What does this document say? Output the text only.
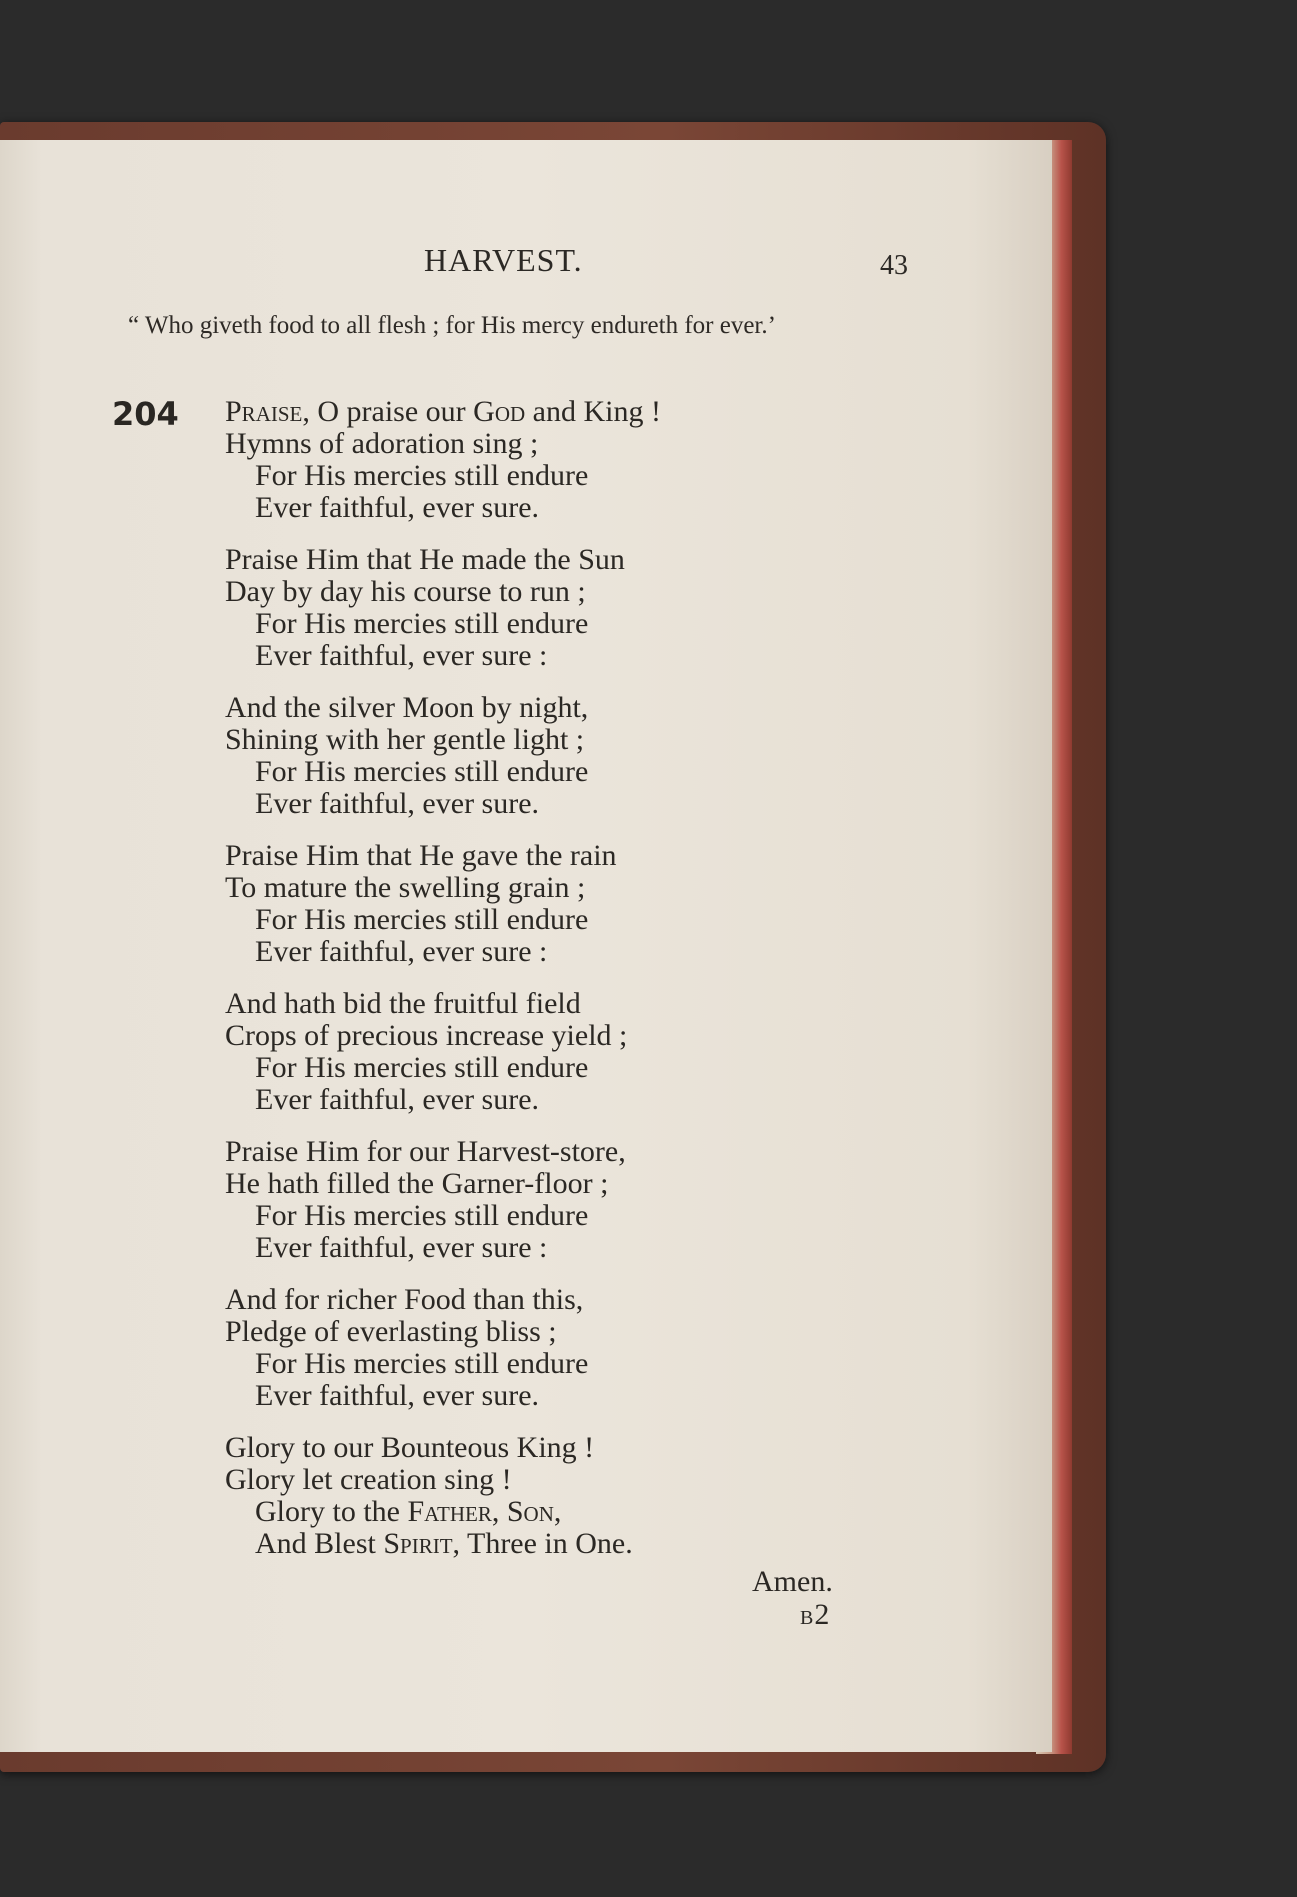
HARVEST.	43
“ Who giveth food to all flesh ; for His mercy endureth for ever.’
204 Praise, O praise our God and King !
Hymns of adoration sing ;
For His mercies still endure
Ever faithful, ever sure.
Praise Him that He made the Sun
Day by day his course to run ;
For His mercies still endure
Ever faithful, ever sure :
And the silver Moon by night,
Shining with her gentle light ;
For His mercies still endure
Ever faithful, ever sure.
Praise Him that He gave the rain
To mature the swelling grain ;
For His mercies still endure
Ever faithful, ever sure :
And hath bid the fruitful field
Crops of precious increase yield ;
For His mercies still endure
Ever faithful, ever sure.
Praise Him for our Harvest-store,
He hath filled the Garner-floor ;
For His mercies still endure
Ever faithful, ever sure :
And for richer Food than this,
Pledge of everlasting bliss ;
For His mercies still endure
Ever faithful, ever sure.
Glory to our Bounteous King !
Glory let creation sing !
Glory to the Father, Son,
And Blest Spirit, Three in One.
Amen.
B2
